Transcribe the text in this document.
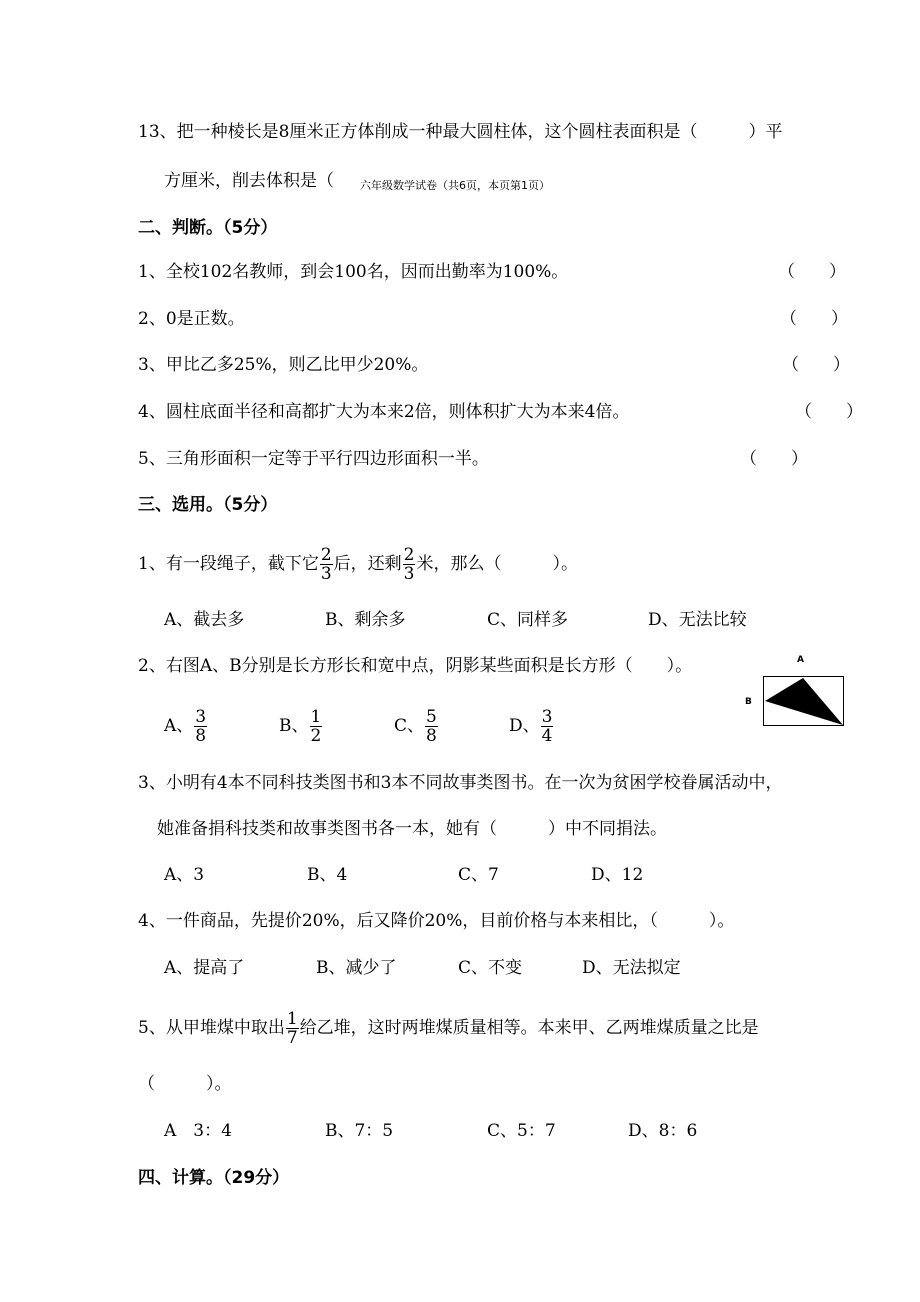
13、把一种棱长是8厘米正方体削成一种最大圆柱体，这个圆柱表面积是（　　　）平
方厘米，削去体积是（ 六年级数学试卷（共6页，本页第1页）
二、判断。（5分）
1、全校102名教师，到会100名，因而出勤率为100%。	（　　）
2、0是正数。	（　　）
3、甲比乙多25%，则乙比甲少20%。	（　　）
4、圆柱底面半径和高都扩大为本来2倍，则体积扩大为本来4倍。	（　　）
5、三角形面积一定等于平行四边形面积一半。	（　　）
三、选用。（5分）
1、有一段绳子，截下它 $\frac{2}{3}$ 后，还剩 $\frac{2}{3}$ 米，那么（　　　）。
A、截去多	B、剩余多	C、同样多	D、无法比较
2、右图A、B分别是长方形长和宽中点，阴影某些面积是长方形（　　）。
A、 $\frac{3}{8}$	B、 $\frac{1}{2}$	C、 $\frac{5}{8}$	D、 $\frac{3}{4}$
A
B
3、小明有4本不同科技类图书和3本不同故事类图书。在一次为贫困学校眷属活动中，
她准备捐科技类和故事类图书各一本，她有（　　　）中不同捐法。
A、3	B、4	C、7	D、12
4、一件商品，先提价20%，后又降价20%，目前价格与本来相比，（　　　）。
A、提高了	B、减少了	C、不变	D、无法拟定
5、从甲堆煤中取出 $\frac{1}{7}$ 给乙堆，这时两堆煤质量相等。本来甲、乙两堆煤质量之比是
（　　　）。
A　3：4	B、7：5	C、5：7	D、8：6
四、计算。（29分）
